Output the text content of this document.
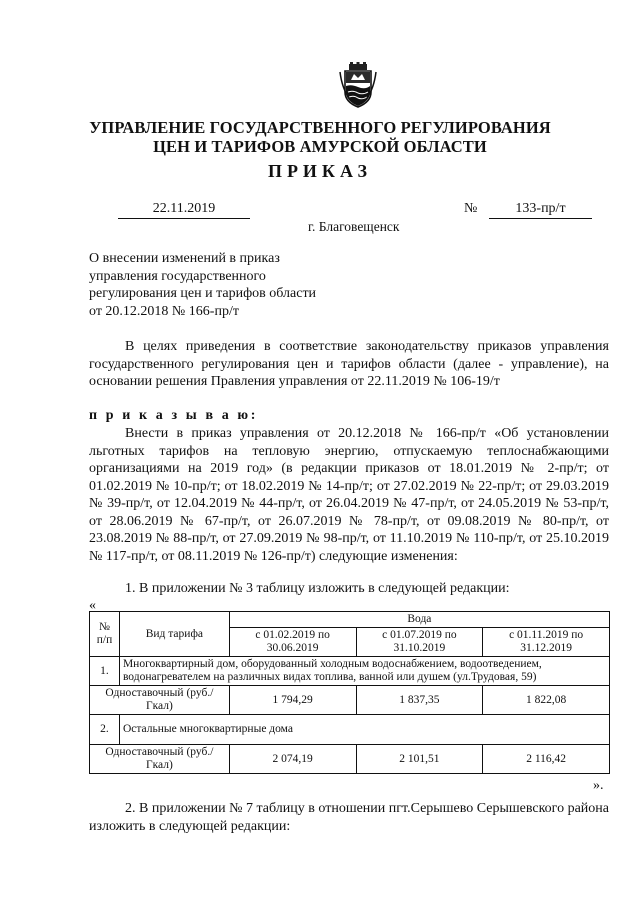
УПРАВЛЕНИЕ ГОСУДАРСТВЕННОГО РЕГУЛИРОВАНИЯ
ЦЕН И ТАРИФОВ АМУРСКОЙ ОБЛАСТИ
ПРИКАЗ
22.11.2019	№	133-пр/т
г. Благовещенск
О внесении изменений в приказ
управления государственного
регулирования цен и тарифов области
от 20.12.2018 № 166-пр/т
В целях приведения в соответствие законодательству приказов управления государственного регулирования цен и тарифов области (далее - управление), на основании решения Правления управления от 22.11.2019 № 106-19/т
п р и к а з ы в а ю:
Внести в приказ управления от 20.12.2018 № 166-пр/т «Об установлении льготных тарифов на тепловую энергию, отпускаемую теплоснабжающими организациями на 2019 год» (в редакции приказов от 18.01.2019 № 2-пр/т; от 01.02.2019 № 10-пр/т; от 18.02.2019 № 14-пр/т; от 27.02.2019 № 22-пр/т; от 29.03.2019 № 39-пр/т, от 12.04.2019 № 44-пр/т, от 26.04.2019 № 47-пр/т, от 24.05.2019 № 53-пр/т, от 28.06.2019 № 67-пр/т, от 26.07.2019 № 78-пр/т, от 09.08.2019 № 80-пр/т, от 23.08.2019 № 88-пр/т, от 27.09.2019 № 98-пр/т, от 11.10.2019 № 110-пр/т, от 25.10.2019 № 117-пр/т, от 08.11.2019 № 126-пр/т) следующие изменения:
1. В приложении № 3 таблицу изложить в следующей редакции:
«
№ п/п	Вид тарифа	Вода		
		с 01.02.2019 по 30.06.2019	с 01.07.2019 по 31.10.2019	с 01.11.2019 по 31.12.2019
1.	Многоквартирный дом, оборудованный холодным водоснабжением, водоотведением, водонагревателем на различных видах топлива, ванной или душем (ул.Трудовая, 59)			
Одноставочный (руб./Гкал)		1 794,29	1 837,35	1 822,08
2.	Остальные многоквартирные дома			
Одноставочный (руб./Гкал)		2 074,19	2 101,51	2 116,42
».
2. В приложении № 7 таблицу в отношении пгт.Серышево Серышевского района изложить в следующей редакции:
